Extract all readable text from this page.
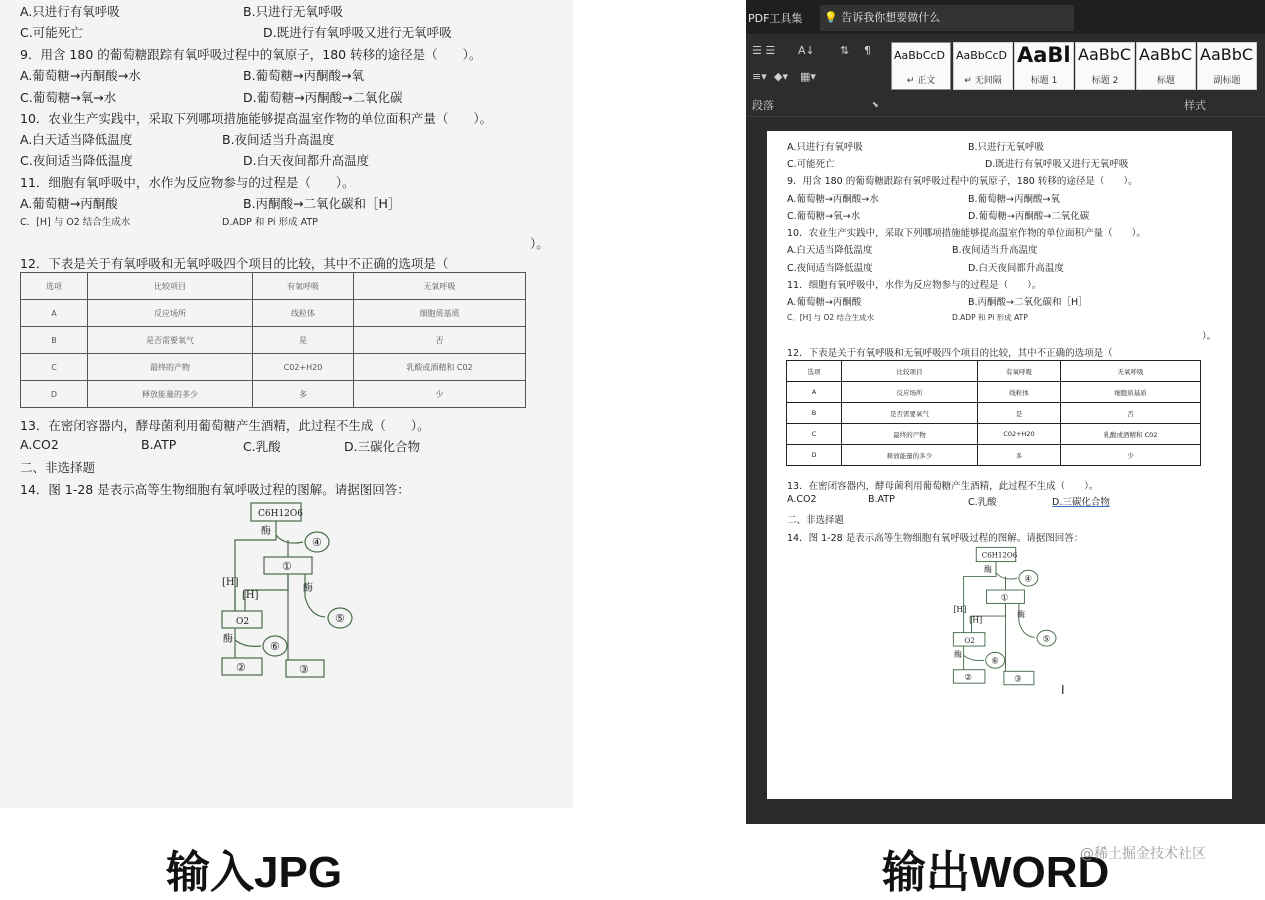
A.只进行有氧呼吸	B.只进行无氧呼吸
C.可能死亡	D.既进行有氧呼吸又进行无氧呼吸
9．用含 180 的葡萄糖跟踪有氧呼吸过程中的氧原子，180 转移的途径是（　　）。
A.葡萄糖→丙酮酸→水	B.葡萄糖→丙酮酸→氧
C.葡萄糖→氧→水	D.葡萄糖→丙酮酸→二氧化碳
10．农业生产实践中，采取下列哪项措施能够提高温室作物的单位面积产量（　　）。
A.白天适当降低温度	B.夜间适当升高温度
C.夜间适当降低温度	D.白天夜间都升高温度
11．细胞有氧呼吸中，水作为反应物参与的过程是（　　）。
A.葡萄糖→丙酮酸	B.丙酮酸→二氧化碳和［H］
C．[H] 与 O2 结合生成水	D.ADP 和 Pi 形成 ATP
）。
12．下表是关于有氧呼吸和无氧呼吸四个项目的比较，其中不正确的选项是（
选项	比较项目	有氧呼吸	无氧呼吸
A	反应场所	线粒体	细胞质基质
B	是否需要氧气	是	否
C	最终的产物	C02+H20	乳酸或酒精和 C02
D	释放能量的多少	多	少
13．在密闭容器内，酵母菌利用葡萄糖产生酒精，此过程不生成（　　）。
A.CO2	B.ATP	C.乳酸	D.三碳化合物
二、非选择题
14．图 1-28 是表示高等生物细胞有氧呼吸过程的图解。请据图回答：
C6H12O6
酶
④
①
[H]
[H]
酶
⑤
O2
酶
⑥
②	③
PDF工具集	💡 告诉我你想要做什么
☰ ☰ A↓ ⇅ ¶
≡▾ ◆▾ ▦▾
段落	⬊
AaBbCcD
↵ 正文
AaBbCcD
↵ 无间隔
AaBl
标题 1
AaBbC
标题 2
AaBbC
标题
AaBbC
副标题
样式
A.只进行有氧呼吸	B.只进行无氧呼吸
C.可能死亡	D.既进行有氧呼吸又进行无氧呼吸
9．用含 180 的葡萄糖跟踪有氧呼吸过程中的氧原子，180 转移的途径是（　　）。
A.葡萄糖→丙酮酸→水	B.葡萄糖→丙酮酸→氧
C.葡萄糖→氧→水	D.葡萄糖→丙酮酸→二氧化碳
10．农业生产实践中，采取下列哪项措施能够提高温室作物的单位面积产量（　　）。
A.白天适当降低温度	B.夜间适当升高温度
C.夜间适当降低温度	D.白天夜间都升高温度
11．细胞有氧呼吸中，水作为反应物参与的过程是（　　）。
A.葡萄糖→丙酮酸	B.丙酮酸→二氧化碳和［H］
C．[H] 与 O2 结合生成水	D.ADP 和 Pi 形成 ATP
）。
12．下表是关于有氧呼吸和无氧呼吸四个项目的比较，其中不正确的选项是（
选项	比较项目	有氧呼吸	无氧呼吸
A	反应场所	线粒体	细胞质基质
B	是否需要氧气	是	否
C	最终的产物	C02+H20	乳酸或酒精和 C02
D	释放能量的多少	多	少
13．在密闭容器内，酵母菌利用葡萄糖产生酒精，此过程不生成（　　）。
A.CO2	B.ATP	C.乳酸	D.三碳化合物
二、非选择题
14．图 1-28 是表示高等生物细胞有氧呼吸过程的图解。请据图回答：
C6H12O6
酶
④
①
[H]
[H]
酶
⑤
O2
酶
⑥
②	③
I
输入JPG	输出WORD
@稀土掘金技术社区
